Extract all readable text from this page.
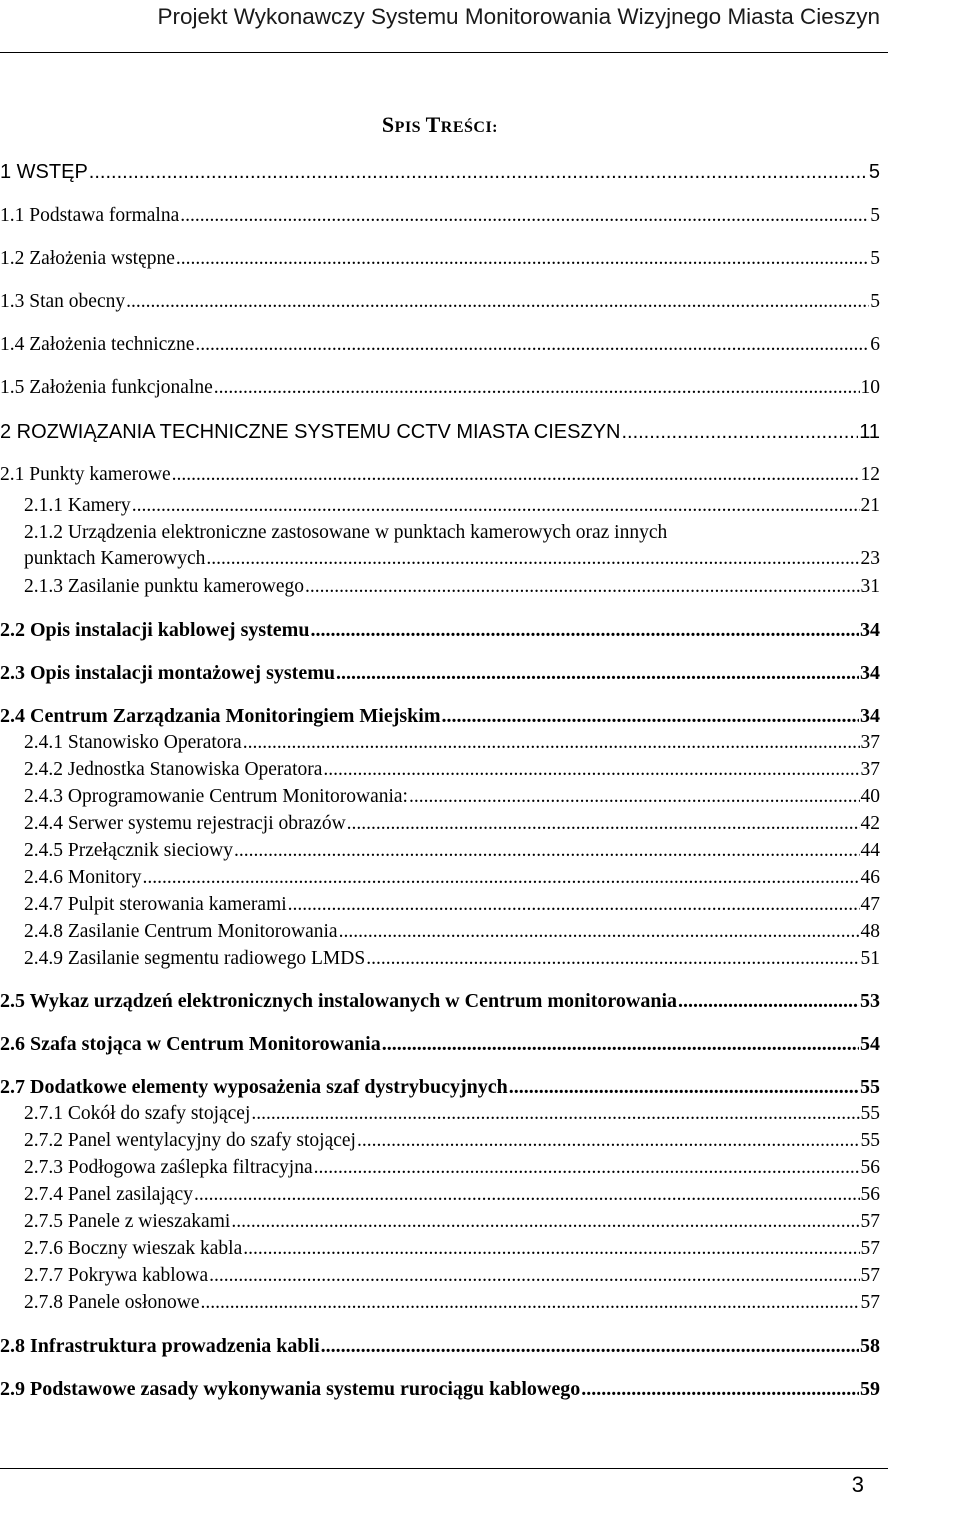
Projekt Wykonawczy Systemu Monitorowania Wizyjnego Miasta Cieszyn
SPIS TREŚCI:
1 WSTĘP .....	5
1.1 Podstawa formalna .....	5
1.2 Założenia wstępne .....	5
1.3 Stan obecny .....	5
1.4 Założenia techniczne .....	6
1.5 Założenia funkcjonalne .....	10
2 ROZWIĄZANIA TECHNICZNE SYSTEMU CCTV MIASTA CIESZYN .....	11
2.1 Punkty kamerowe .....	12
2.1.1 Kamery .....	21
2.1.2 Urządzenia elektroniczne zastosowane w punktach kamerowych oraz innych
punktach Kamerowych .....	23
2.1.3 Zasilanie punktu kamerowego .....	31
2.2 Opis instalacji kablowej systemu .....	34
2.3 Opis instalacji montażowej systemu .....	34
2.4 Centrum Zarządzania Monitoringiem Miejskim .....	34
2.4.1 Stanowisko Operatora .....	37
2.4.2 Jednostka Stanowiska Operatora .....	37
2.4.3 Oprogramowanie Centrum Monitorowania: .....	40
2.4.4 Serwer systemu rejestracji obrazów .....	42
2.4.5 Przełącznik sieciowy .....	44
2.4.6 Monitory .....	46
2.4.7 Pulpit sterowania kamerami .....	47
2.4.8 Zasilanie Centrum Monitorowania .....	48
2.4.9 Zasilanie segmentu radiowego LMDS .....	51
2.5 Wykaz urządzeń elektronicznych instalowanych w Centrum monitorowania .....	53
2.6 Szafa stojąca w Centrum Monitorowania .....	54
2.7 Dodatkowe elementy wyposażenia szaf dystrybucyjnych .....	55
2.7.1 Cokół do szafy stojącej .....	55
2.7.2 Panel wentylacyjny do szafy stojącej .....	55
2.7.3 Podłogowa zaślepka filtracyjna .....	56
2.7.4 Panel zasilający .....	56
2.7.5 Panele z wieszakami .....	57
2.7.6 Boczny wieszak kabla .....	57
2.7.7 Pokrywa kablowa .....	57
2.7.8 Panele osłonowe .....	57
2.8 Infrastruktura prowadzenia kabli .....	58
2.9 Podstawowe zasady wykonywania systemu rurociągu kablowego .....	59
3
